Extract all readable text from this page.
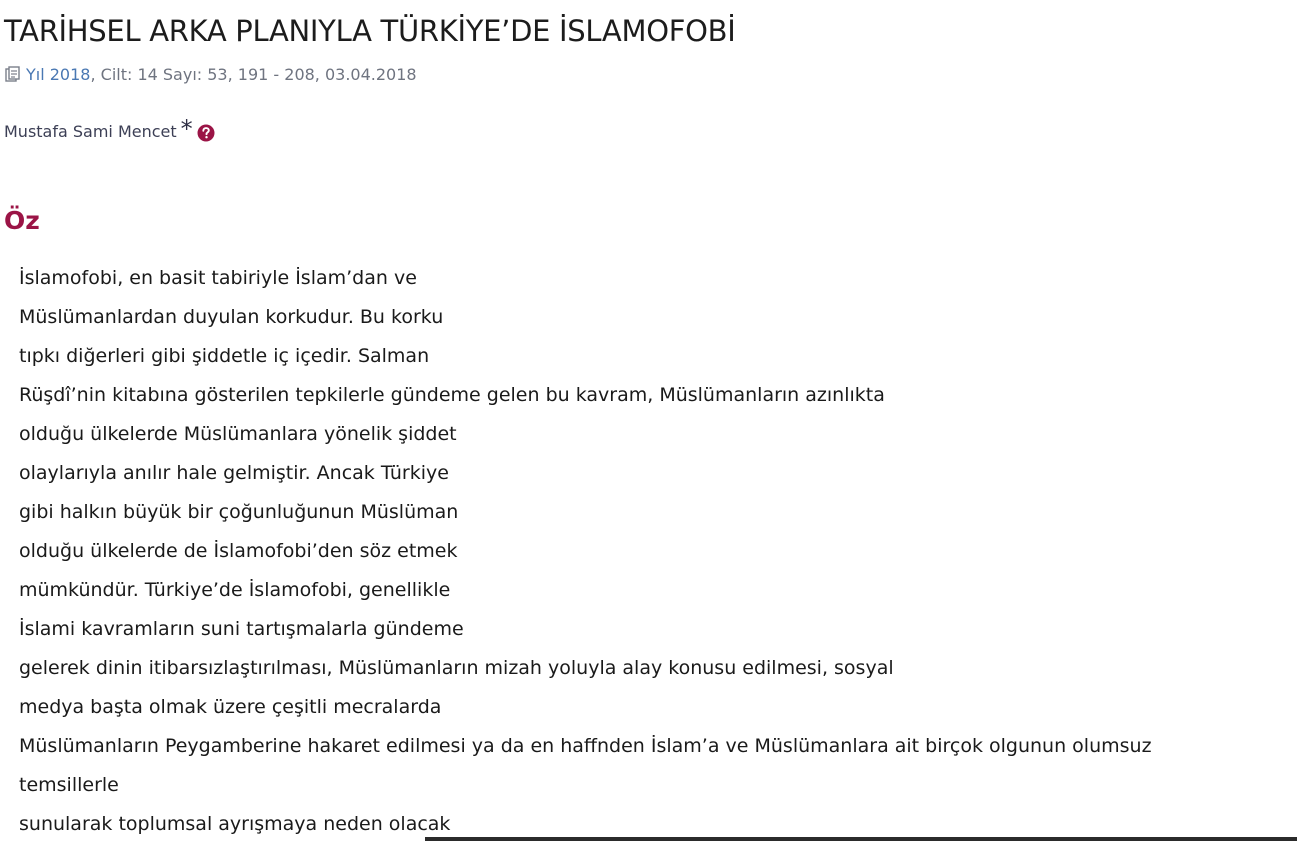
TARİHSEL ARKA PLANIYLA TÜRKİYE’DE İSLAMOFOBİ
Yıl 2018 , Cilt: 14 Sayı: 53, 191 - 208, 03.04.2018
Mustafa Sami Mencet *
Öz
İslamofobi, en basit tabiriyle İslam’dan ve
Müslümanlardan duyulan korkudur. Bu korku
tıpkı diğerleri gibi şiddetle iç içedir. Salman
Rüşdî’nin kitabına gösterilen tepkilerle gündeme gelen bu kavram, Müslümanların azınlıkta
olduğu ülkelerde Müslümanlara yönelik şiddet
olaylarıyla anılır hale gelmiştir. Ancak Türkiye
gibi halkın büyük bir çoğunluğunun Müslüman
olduğu ülkelerde de İslamofobi’den söz etmek
mümkündür. Türkiye’de İslamofobi, genellikle
İslami kavramların suni tartışmalarla gündeme
gelerek dinin itibarsızlaştırılması, Müslümanların mizah yoluyla alay konusu edilmesi, sosyal
medya başta olmak üzere çeşitli mecralarda
Müslümanların Peygamberine hakaret edilmesi ya da en haffnden İslam’a ve Müslümanlara ait birçok olgunun olumsuz
temsillerle
sunularak toplumsal ayrışmaya neden olacak
